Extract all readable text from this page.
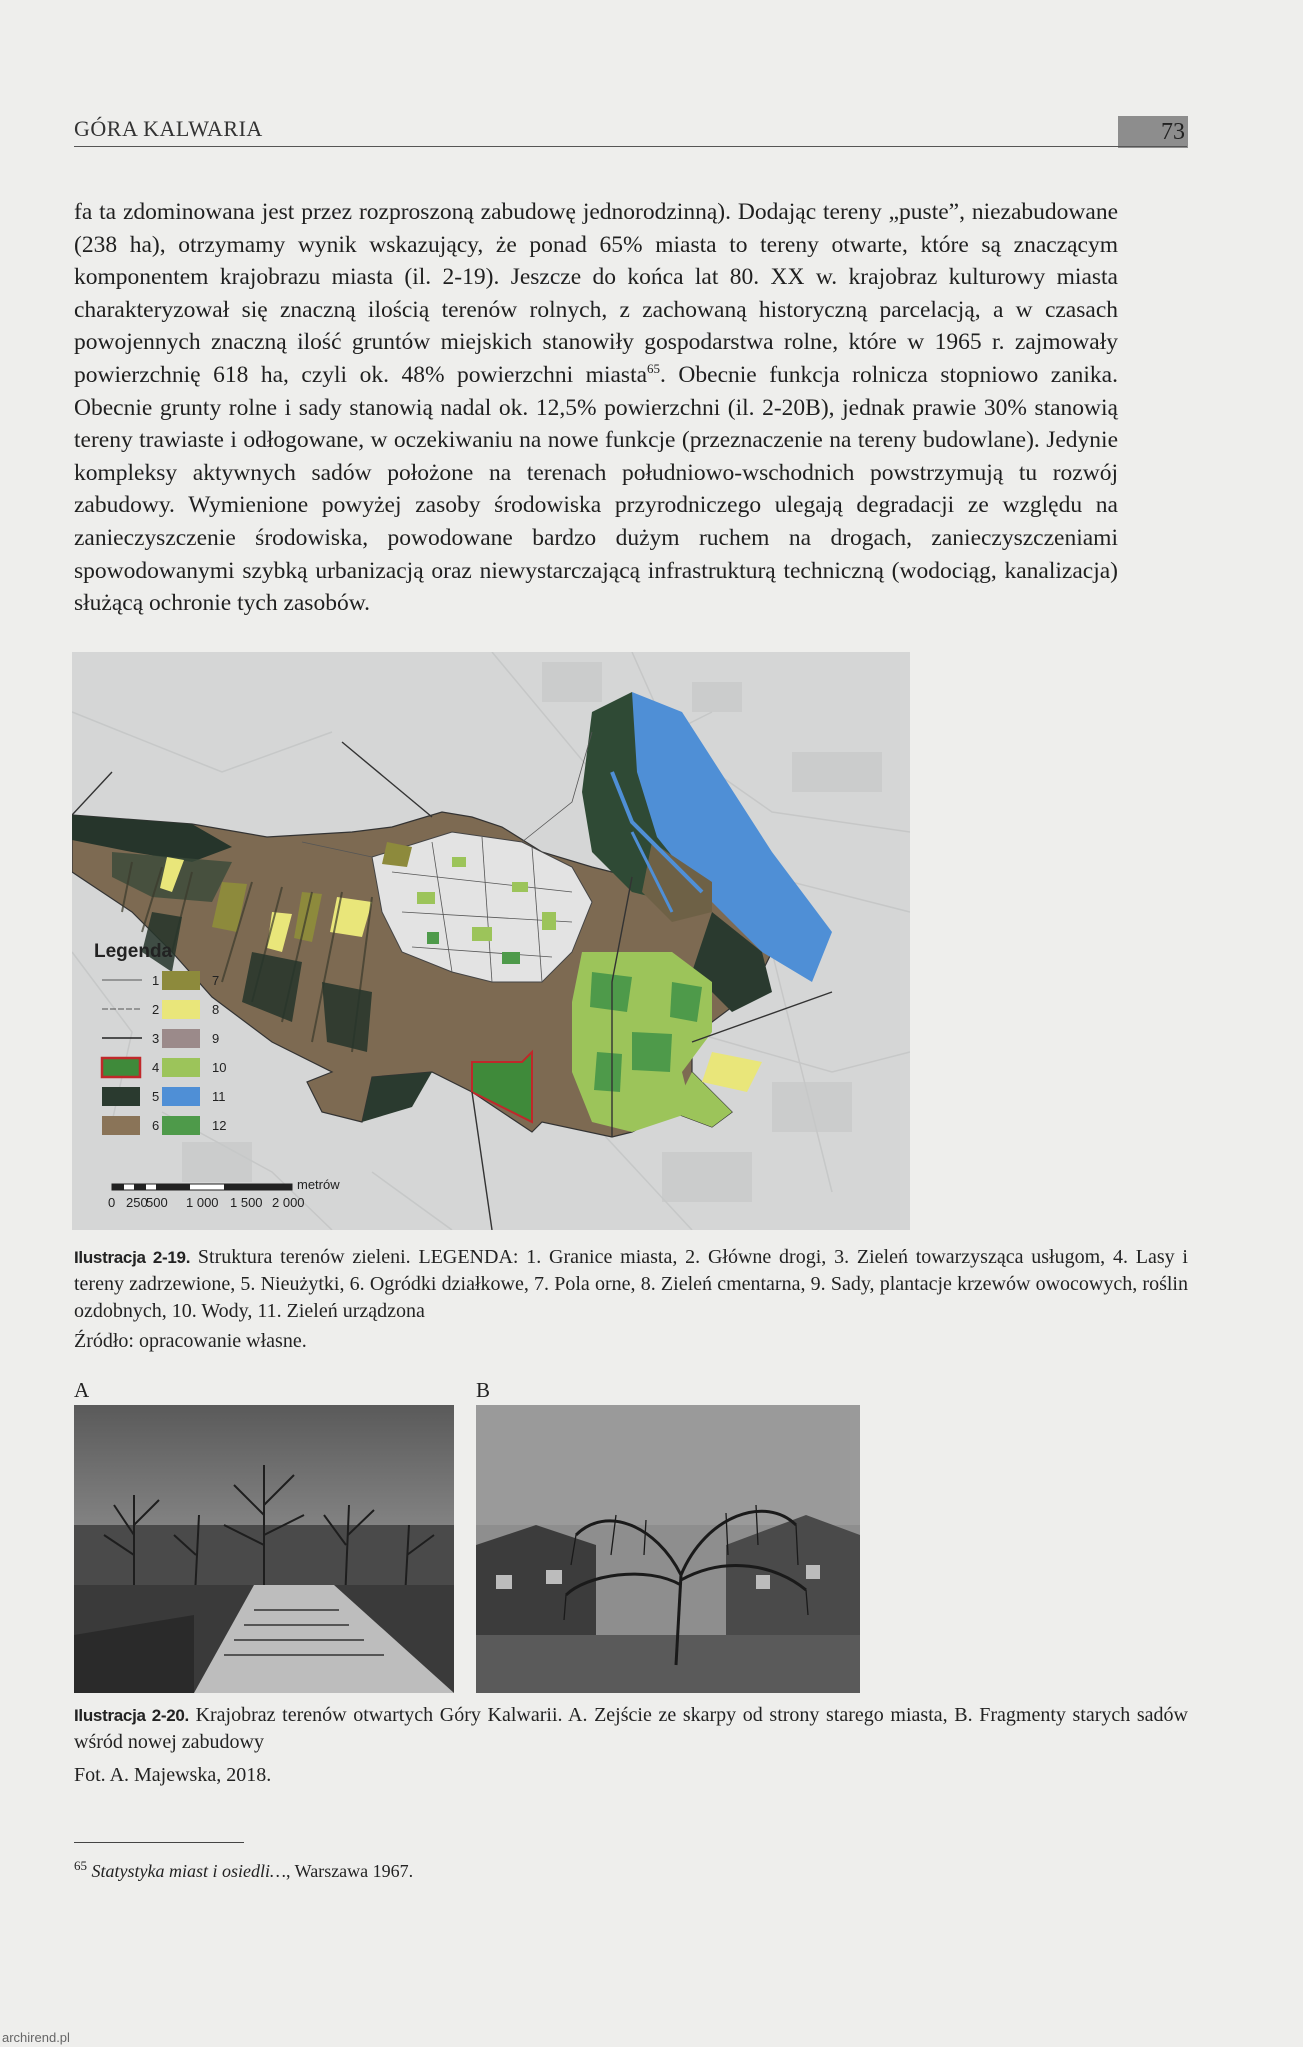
GÓRA KALWARIA	73

fa ta zdominowana jest przez rozproszoną zabudowę jednorodzinną). Dodając tereny „puste”, niezabudowane (238 ha), otrzymamy wynik wskazujący, że ponad 65% miasta to tereny otwarte, które są znaczącym komponentem krajobrazu miasta (il. 2-19). Jeszcze do końca lat 80. XX w. krajobraz kulturowy miasta charakteryzował się znaczną ilością terenów rolnych, z zachowaną historyczną parcelacją, a w czasach powojennych znaczną ilość gruntów miejskich stanowiły gospodarstwa rolne, które w 1965 r. zajmowały powierzchnię 618 ha, czyli ok. 48% powierzchni miasta$^{65}$. Obecnie funkcja rolnicza stopniowo zanika. Obecnie grunty rolne i sady stanowią nadal ok. 12,5% powierzchni (il. 2-20B), jednak prawie 30% stanowią tereny trawiaste i odłogowane, w oczekiwaniu na nowe funkcje (przeznaczenie na tereny budowlane). Jedynie kompleksy aktywnych sadów położone na terenach południowo-wschodnich powstrzymują tu rozwój zabudowy. Wymienione powyżej zasoby środowiska przyrodniczego ulegają degradacji ze względu na zanieczyszczenie środowiska, powodowane bardzo dużym ruchem na drogach, zanieczyszczeniami spowodowanymi szybką urbanizacją oraz niewystarczającą infrastrukturą techniczną (wodociąg, kanalizacja) służącą ochronie tych zasobów.

Legenda
1
2
3
4
5
6
7
8
9
10
11
12
metrów
0 250
500 1 000 1 500 2 000
Ilustracja 2-19. Struktura terenów zieleni. LEGENDA: 1. Granice miasta, 2. Główne drogi, 3. Zieleń towarzysząca usługom, 4. Lasy i tereny zadrzewione, 5. Nieużytki, 6. Ogródki działkowe, 7. Pola orne, 8. Zieleń cmentarna, 9. Sady, plantacje krzewów owocowych, roślin ozdobnych, 10. Wody, 11. Zieleń urządzona
Źródło: opracowanie własne.
A	B
Ilustracja 2-20. Krajobraz terenów otwartych Góry Kalwarii. A. Zejście ze skarpy od strony starego miasta, B. Fragmenty starych sadów wśród nowej zabudowy
Fot. A. Majewska, 2018.
$^{65}$ Statystyka miast i osiedli…, Warszawa 1967.
archirend.pl
